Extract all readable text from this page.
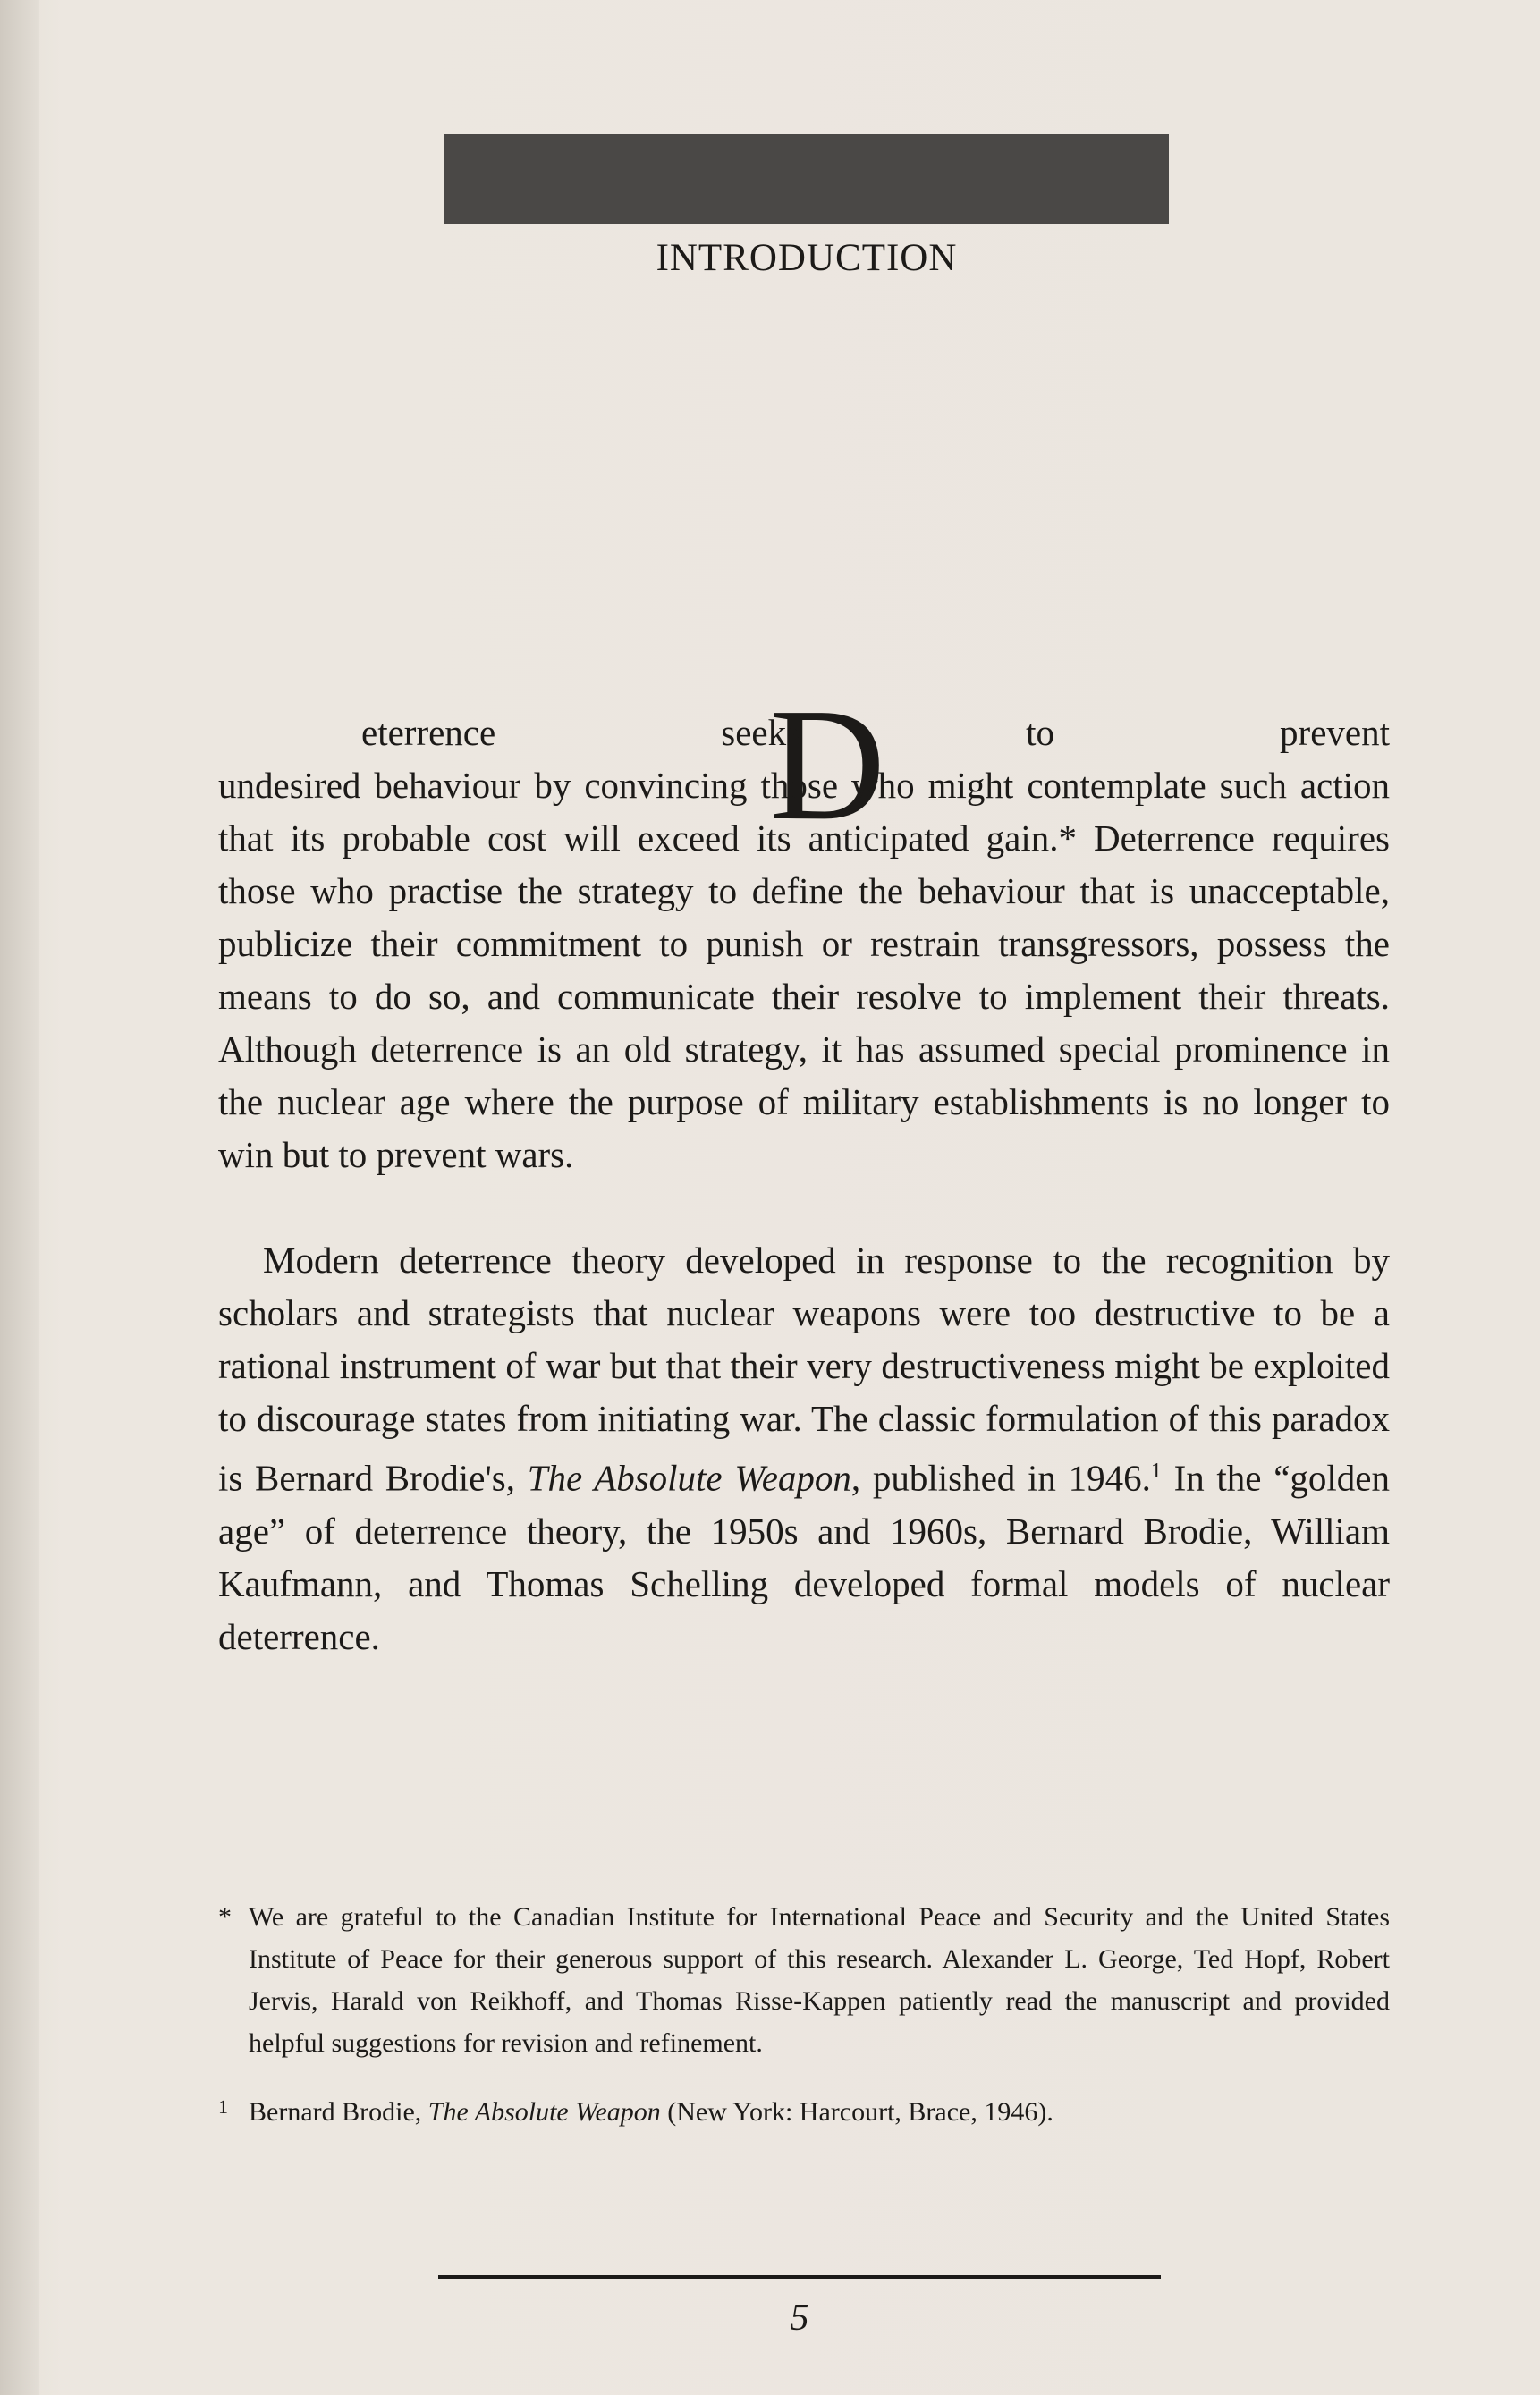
INTRODUCTION
D

eterrence seeks to prevent
undesired behaviour by convincing those who might contemplate such action that its probable cost will exceed its anticipated gain.* Deterrence requires those who practise the strategy to define the behaviour that is unacceptable, publicize their commitment to punish or restrain transgressors, possess the means to do so, and communicate their resolve to implement their threats. Although deterrence is an old strategy, it has assumed special prominence in the nuclear age where the purpose of military establishments is no longer to win but to prevent wars.

Modern deterrence theory developed in response to the recognition by scholars and strategists that nuclear weapons were too destructive to be a rational instrument of war but that their very destructiveness might be exploited to discourage states from initiating war. The classic formulation of this paradox is Bernard Brodie's, The Absolute Weapon, published in 1946.$^1$ In the “golden age” of deterrence theory, the 1950s and 1960s, Bernard Brodie, William Kaufmann, and Thomas Schelling developed formal models of nuclear deterrence.

* We are grateful to the Canadian Institute for International Peace and Security and the United States Institute of Peace for their generous support of this research. Alexander L. George, Ted Hopf, Robert Jervis, Harald von Reikhoff, and Thomas Risse-Kappen patiently read the manuscript and provided helpful suggestions for revision and refinement.
1 Bernard Brodie, The Absolute Weapon (New York: Harcourt, Brace, 1946).
5
